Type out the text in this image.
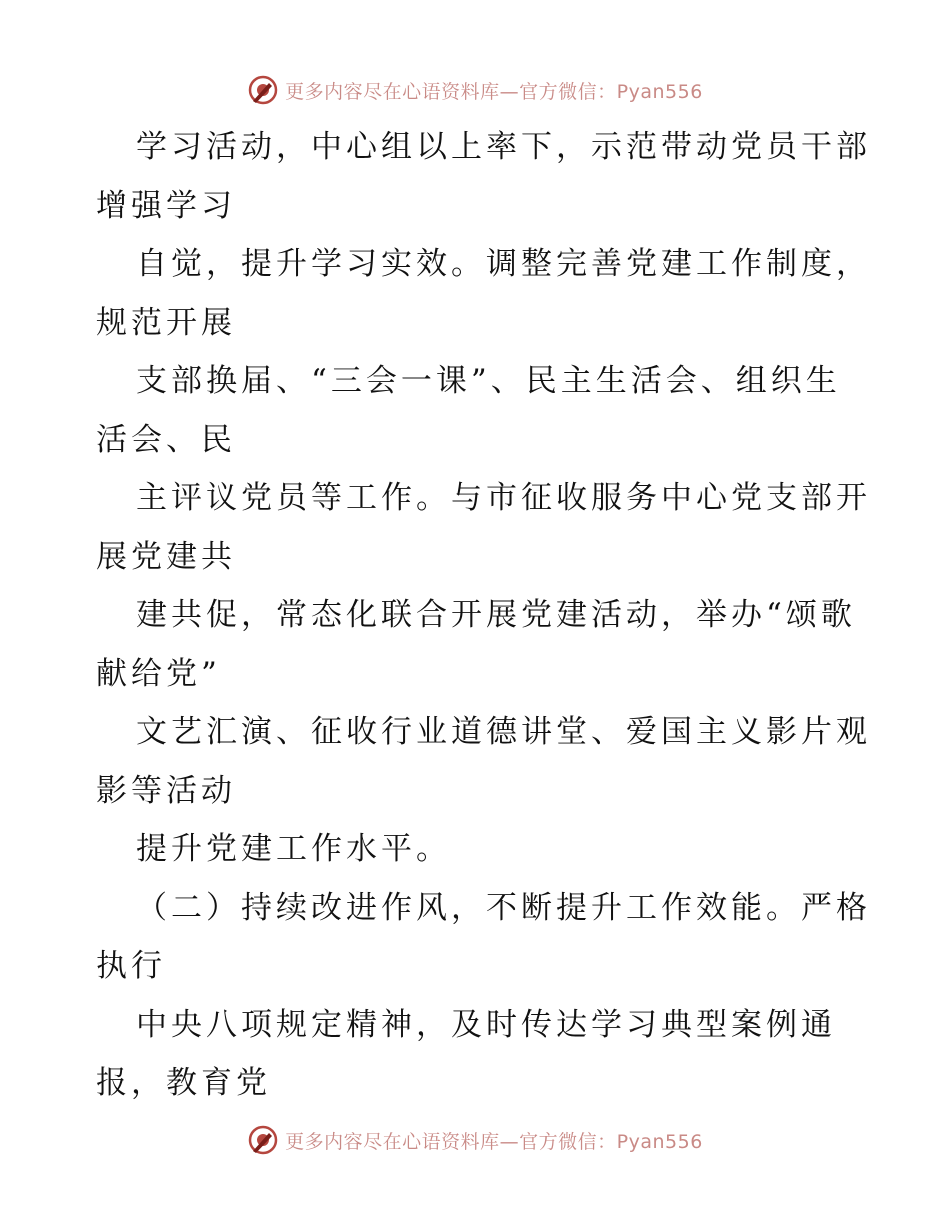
更多内容尽在心语资料库—官方微信：Pyan556
学习活动，中心组以上率下，示范带动党员干部
增强学习
自觉，提升学习实效。调整完善党建工作制度，
规范开展
支部换届、“三会一课”、民主生活会、组织生
活会、民
主评议党员等工作。与市征收服务中心党支部开
展党建共
建共促，常态化联合开展党建活动，举办“颂歌
献给党”
文艺汇演、征收行业道德讲堂、爱国主义影片观
影等活动
提升党建工作水平。
（二）持续改进作风，不断提升工作效能。严格
执行
中央八项规定精神，及时传达学习典型案例通
报，教育党
更多内容尽在心语资料库—官方微信：Pyan556
